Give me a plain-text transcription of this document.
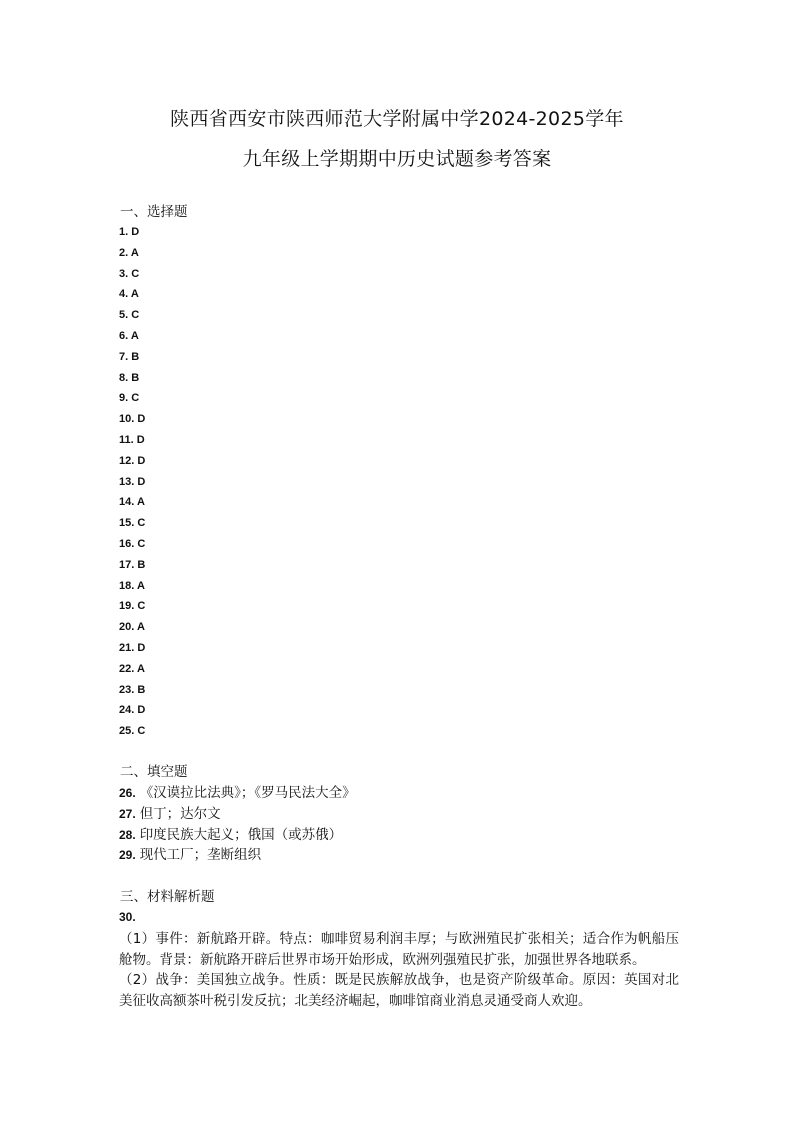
陕西省西安市陕西师范大学附属中学2024-2025学年
九年级上学期期中历史试题参考答案
一、选择题
1. D
2. A
3. C
4. A
5. C
6. A
7. B
8. B
9. C
10. D
11. D
12. D
13. D
14. A
15. C
16. C
17. B
18. A
19. C
20. A
21. D
22. A
23. B
24. D
25. C
二、填空题
26. 《汉谟拉比法典》；《罗马民法大全》
27. 但丁；达尔文
28. 印度民族大起义；俄国（或苏俄）
29. 现代工厂；垄断组织
三、材料解析题
30.
（1）事件：新航路开辟。特点：咖啡贸易利润丰厚；与欧洲殖民扩张相关；适合作为帆船压舱物。背景：新航路开辟后世界市场开始形成，欧洲列强殖民扩张，加强世界各地联系。
（2）战争：美国独立战争。性质：既是民族解放战争，也是资产阶级革命。原因：英国对北美征收高额茶叶税引发反抗；北美经济崛起，咖啡馆商业消息灵通受商人欢迎。
